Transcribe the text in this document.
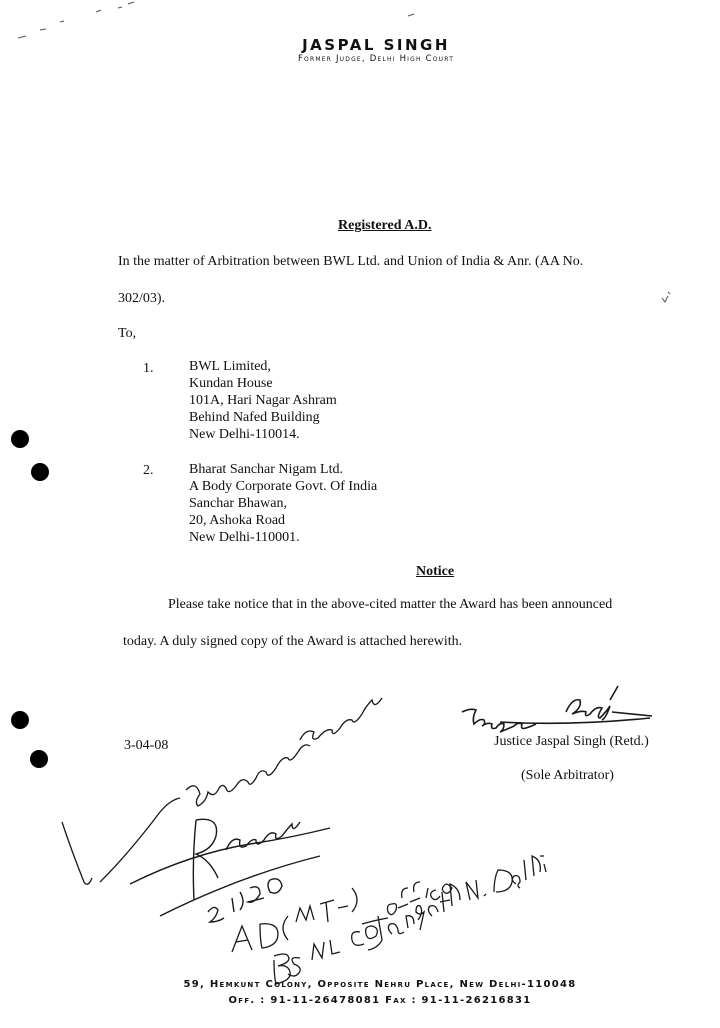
JASPAL SINGH
Former Judge, Delhi High Court
Registered A.D.
In the matter of Arbitration between BWL Ltd. and Union of India & Anr. (AA No.
302/03).
To,
1.	BWL Limited,
Kundan House
101A, Hari Nagar Ashram
Behind Nafed Building
New Delhi-110014.
2.	Bharat Sanchar Nigam Ltd.
A Body Corporate Govt. Of India
Sanchar Bhawan,
20, Ashoka Road
New Delhi-110001.
Notice
Please take notice that in the above-cited matter the Award has been announced
today. A duly signed copy of the Award is attached herewith.
3-04-08	Justice Jaspal Singh (Retd.)
(Sole Arbitrator)
59, Hemkunt Colony, Opposite Nehru Place, New Delhi-110048
Off. : 91-11-26478081 Fax : 91-11-26216831
